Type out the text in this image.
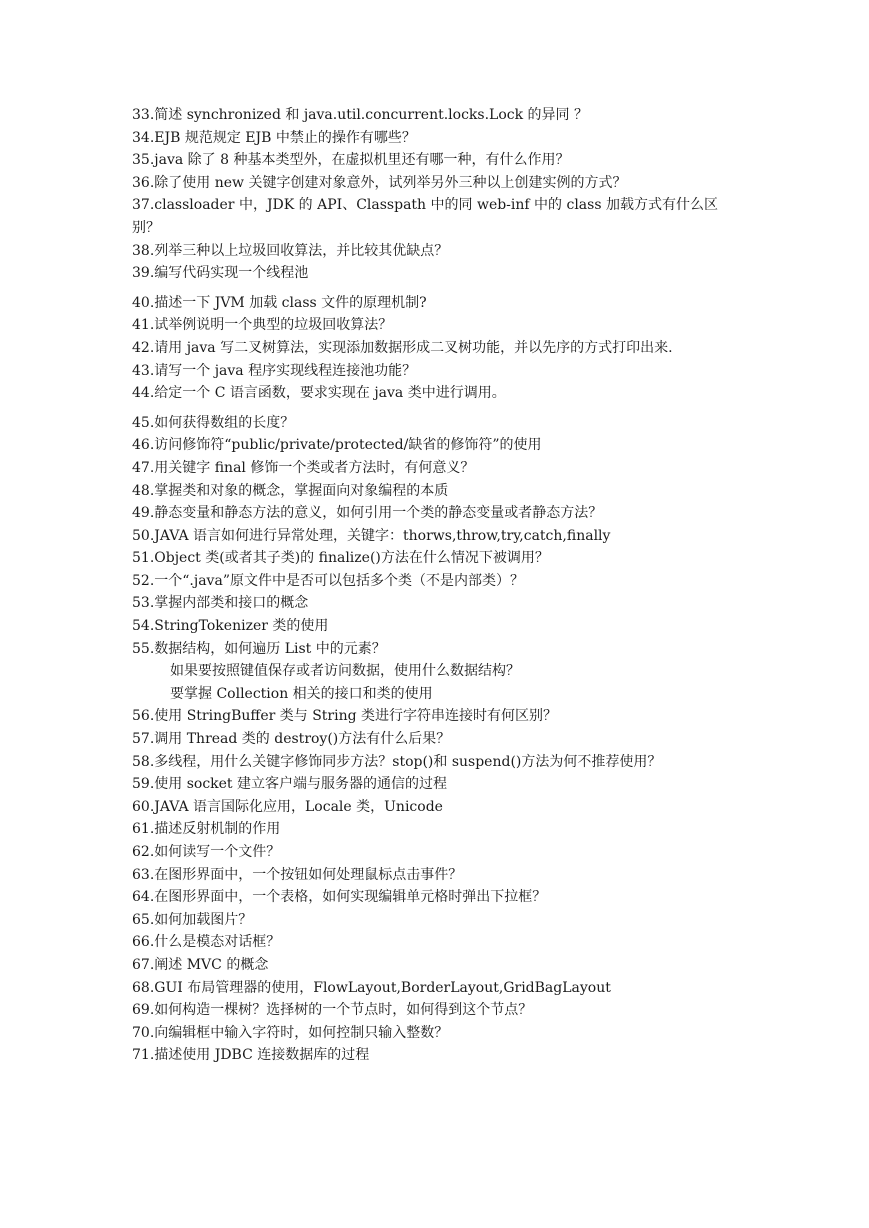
33.简述 synchronized 和 java.util.concurrent.locks.Lock 的异同 ？
34.EJB 规范规定 EJB 中禁止的操作有哪些？
35.java 除了 8 种基本类型外，在虚拟机里还有哪一种，有什么作用？
36.除了使用 new 关键字创建对象意外，试列举另外三种以上创建实例的方式？
37.classloader 中，JDK 的 API、Classpath 中的同 web-inf 中的 class 加载方式有什么区别？
38.列举三种以上垃圾回收算法，并比较其优缺点？
39.编写代码实现一个线程池
40.描述一下 JVM 加载 class 文件的原理机制?
41.试举例说明一个典型的垃圾回收算法？
42.请用 java 写二叉树算法，实现添加数据形成二叉树功能，并以先序的方式打印出来.
43.请写一个 java 程序实现线程连接池功能？
44.给定一个 C 语言函数，要求实现在 java 类中进行调用。
45.如何获得数组的长度？
46.访问修饰符“public/private/protected/缺省的修饰符”的使用
47.用关键字 final 修饰一个类或者方法时，有何意义？
48.掌握类和对象的概念，掌握面向对象编程的本质
49.静态变量和静态方法的意义，如何引用一个类的静态变量或者静态方法？
50.JAVA 语言如何进行异常处理，关键字：thorws,throw,try,catch,finally
51.Object 类(或者其子类)的 finalize()方法在什么情况下被调用？
52.一个“.java”原文件中是否可以包括多个类（不是内部类）？
53.掌握内部类和接口的概念
54.StringTokenizer 类的使用
55.数据结构，如何遍历 List 中的元素？
如果要按照键值保存或者访问数据，使用什么数据结构？
要掌握 Collection 相关的接口和类的使用
56.使用 StringBuffer 类与 String 类进行字符串连接时有何区别？
57.调用 Thread 类的 destroy()方法有什么后果？
58.多线程，用什么关键字修饰同步方法？stop()和 suspend()方法为何不推荐使用？
59.使用 socket 建立客户端与服务器的通信的过程
60.JAVA 语言国际化应用，Locale 类，Unicode
61.描述反射机制的作用
62.如何读写一个文件？
63.在图形界面中，一个按钮如何处理鼠标点击事件？
64.在图形界面中，一个表格，如何实现编辑单元格时弹出下拉框？
65.如何加载图片？
66.什么是模态对话框？
67.阐述 MVC 的概念
68.GUI 布局管理器的使用，FlowLayout,BorderLayout,GridBagLayout
69.如何构造一棵树？选择树的一个节点时，如何得到这个节点？
70.向编辑框中输入字符时，如何控制只输入整数？
71.描述使用 JDBC 连接数据库的过程
